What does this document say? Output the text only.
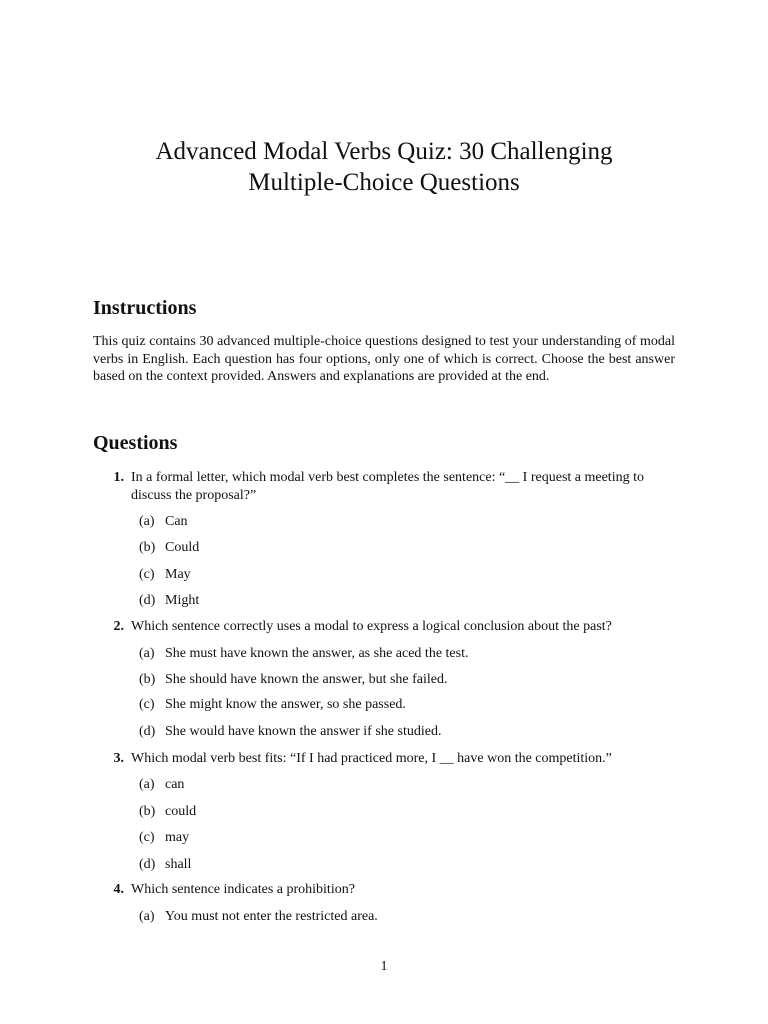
Advanced Modal Verbs Quiz: 30 Challenging
Multiple-Choice Questions
Instructions

This quiz contains 30 advanced multiple-choice questions designed to test your understanding of modal verbs in English. Each question has four options, only one of which is correct. Choose the best answer based on the context provided. Answers and explanations are provided at the end.

Questions
1. In a formal letter, which modal verb best completes the sentence: “__ I request a meeting to discuss the proposal?”

(a) Can
(b) Could
(c) May
(d) Might
2. Which sentence correctly uses a modal to express a logical conclusion about the past?

(a) She must have known the answer, as she aced the test.
(b) She should have known the answer, but she failed.
(c) She might know the answer, so she passed.
(d) She would have known the answer if she studied.
3. Which modal verb best fits: “If I had practiced more, I __ have won the competition.”

(a) can
(b) could
(c) may
(d) shall
4. Which sentence indicates a prohibition?

(a) You must not enter the restricted area.
1
